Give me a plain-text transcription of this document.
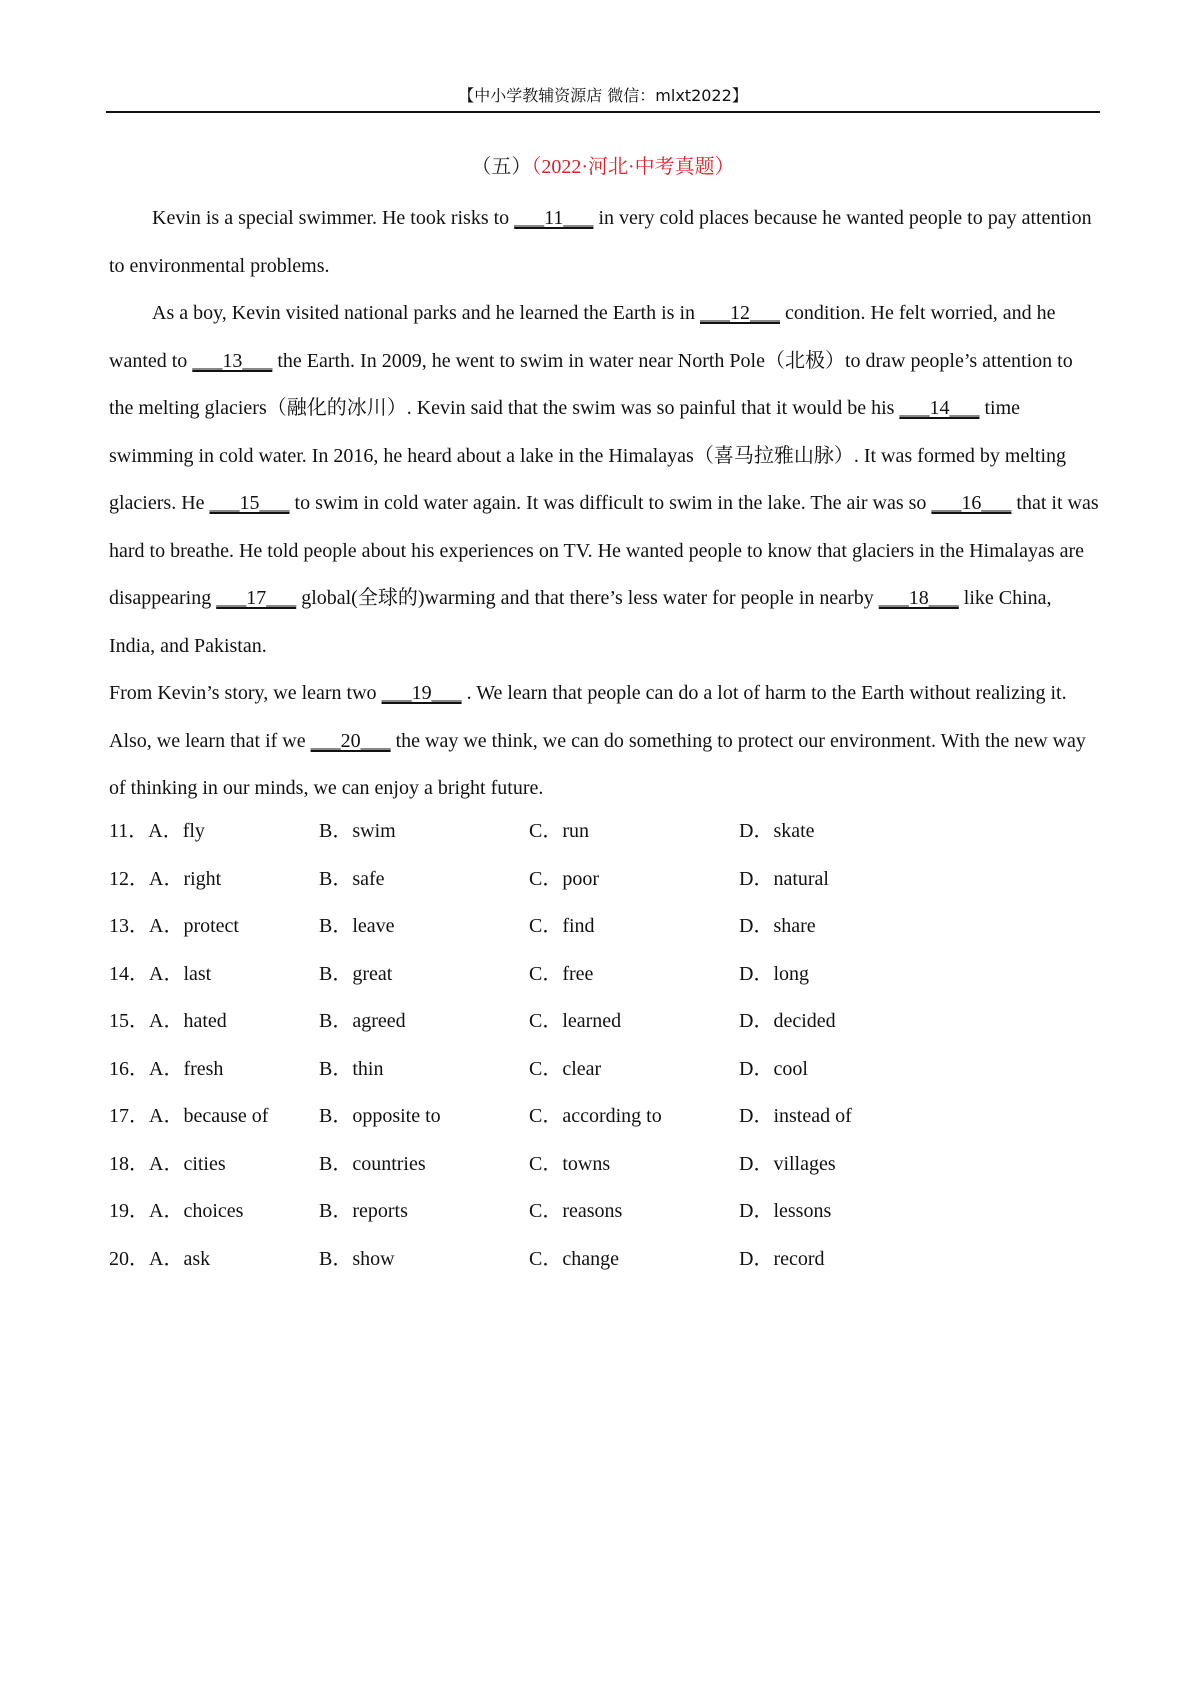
【中小学教辅资源店 微信：mlxt2022】
（五）（2022·河北·中考真题）

Kevin is a special swimmer. He took risks to ___11___ in very cold places because he wanted people to pay attention to environmental problems.

As a boy, Kevin visited national parks and he learned the Earth is in ___12___ condition. He felt worried, and he wanted to ___13___ the Earth. In 2009, he went to swim in water near North Pole（北极）to draw people’s attention to the melting glaciers（融化的冰川）. Kevin said that the swim was so painful that it would be his ___14___ time swimming in cold water. In 2016, he heard about a lake in the Himalayas（喜马拉雅山脉）. It was formed by melting glaciers. He ___15___ to swim in cold water again. It was difficult to swim in the lake. The air was so ___16___ that it was hard to breathe. He told people about his experiences on TV. He wanted people to know that glaciers in the Himalayas are disappearing ___17___ global(全球的)warming and that there’s less water for people in nearby ___18___ like China, India, and Pakistan.

From Kevin’s story, we learn two ___19___ . We learn that people can do a lot of harm to the Earth without realizing it. Also, we learn that if we ___20___ the way we think, we can do something to protect our environment. With the new way of thinking in our minds, we can enjoy a bright future.

11．A．fly	B．swim	C．run	D．skate
12．A．right	B．safe	C．poor	D．natural
13．A．protect	B．leave	C．find	D．share
14．A．last	B．great	C．free	D．long
15．A．hated	B．agreed	C．learned	D．decided
16．A．fresh	B．thin	C．clear	D．cool
17．A．because of	B．opposite to	C．according to	D．instead of
18．A．cities	B．countries	C．towns	D．villages
19．A．choices	B．reports	C．reasons	D．lessons
20．A．ask	B．show	C．change	D．record
